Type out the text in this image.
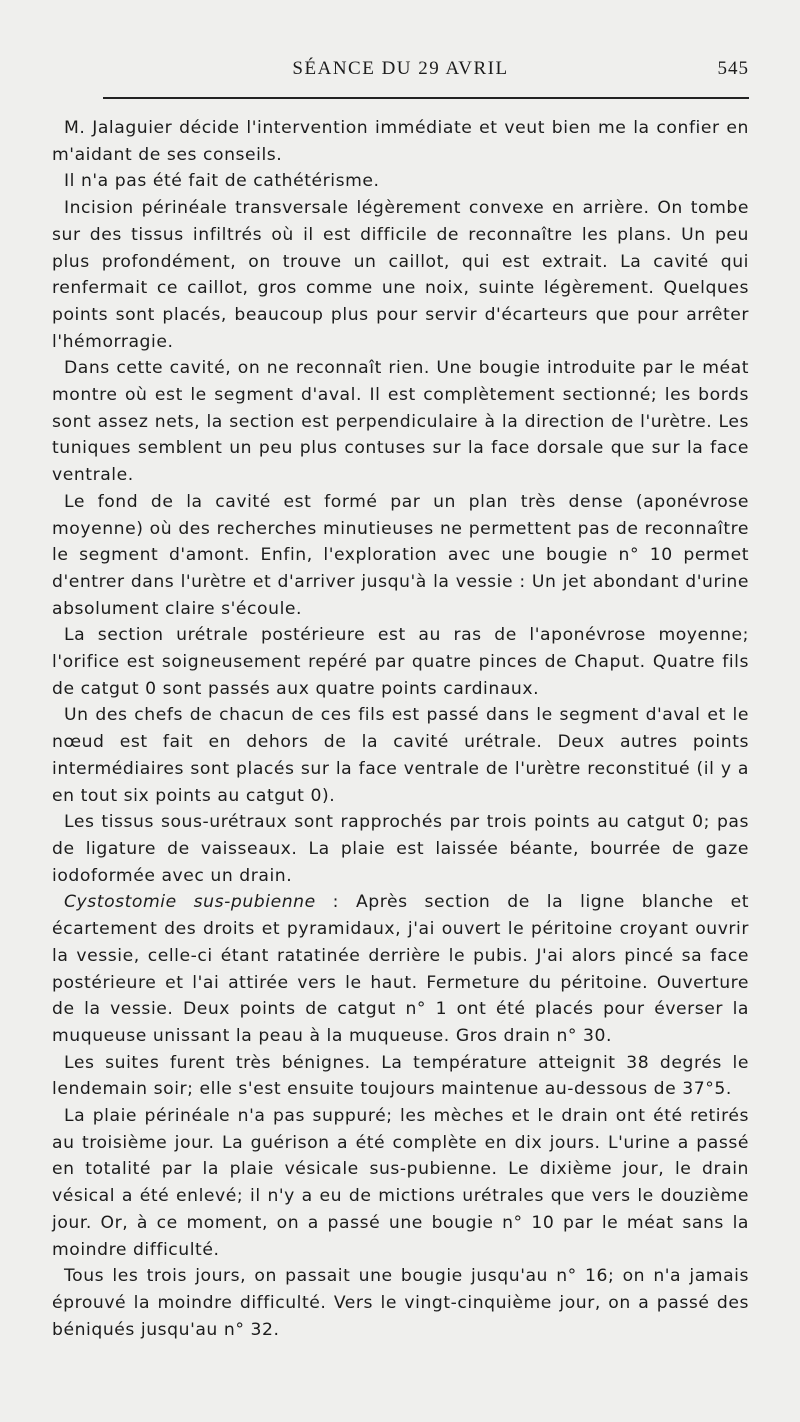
SÉANCE DU 29 AVRIL	545

M. Jalaguier décide l'intervention immédiate et veut bien me la confier en m'aidant de ses conseils.

Il n'a pas été fait de cathétérisme.

Incision périnéale transversale légèrement convexe en arrière. On tombe sur des tissus infiltrés où il est difficile de reconnaître les plans. Un peu plus profondément, on trouve un caillot, qui est extrait. La cavité qui renfermait ce caillot, gros comme une noix, suinte légèrement. Quelques points sont placés, beaucoup plus pour servir d'écarteurs que pour arrêter l'hémorragie.

Dans cette cavité, on ne reconnaît rien. Une bougie introduite par le méat montre où est le segment d'aval. Il est complètement sectionné; les bords sont assez nets, la section est perpendiculaire à la direction de l'urètre. Les tuniques semblent un peu plus contuses sur la face dorsale que sur la face ventrale.

Le fond de la cavité est formé par un plan très dense (aponévrose moyenne) où des recherches minutieuses ne permettent pas de reconnaître le segment d'amont. Enfin, l'exploration avec une bougie n° 10 permet d'entrer dans l'urètre et d'arriver jusqu'à la vessie : Un jet abondant d'urine absolument claire s'écoule.

La section urétrale postérieure est au ras de l'aponévrose moyenne; l'orifice est soigneusement repéré par quatre pinces de Chaput. Quatre fils de catgut 0 sont passés aux quatre points cardinaux.

Un des chefs de chacun de ces fils est passé dans le segment d'aval et le nœud est fait en dehors de la cavité urétrale. Deux autres points intermédiaires sont placés sur la face ventrale de l'urètre reconstitué (il y a en tout six points au catgut 0).

Les tissus sous-urétraux sont rapprochés par trois points au catgut 0; pas de ligature de vaisseaux. La plaie est laissée béante, bourrée de gaze iodoformée avec un drain.

Cystostomie sus-pubienne : Après section de la ligne blanche et écartement des droits et pyramidaux, j'ai ouvert le péritoine croyant ouvrir la vessie, celle-ci étant ratatinée derrière le pubis. J'ai alors pincé sa face postérieure et l'ai attirée vers le haut. Fermeture du péritoine. Ouverture de la vessie. Deux points de catgut n° 1 ont été placés pour éverser la muqueuse unissant la peau à la muqueuse. Gros drain n° 30.

Les suites furent très bénignes. La température atteignit 38 degrés le lendemain soir; elle s'est ensuite toujours maintenue au-dessous de 37°5.

La plaie périnéale n'a pas suppuré; les mèches et le drain ont été retirés au troisième jour. La guérison a été complète en dix jours. L'urine a passé en totalité par la plaie vésicale sus-pubienne. Le dixième jour, le drain vésical a été enlevé; il n'y a eu de mictions urétrales que vers le douzième jour. Or, à ce moment, on a passé une bougie n° 10 par le méat sans la moindre difficulté.

Tous les trois jours, on passait une bougie jusqu'au n° 16; on n'a jamais éprouvé la moindre difficulté. Vers le vingt-cinquième jour, on a passé des béniqués jusqu'au n° 32.
